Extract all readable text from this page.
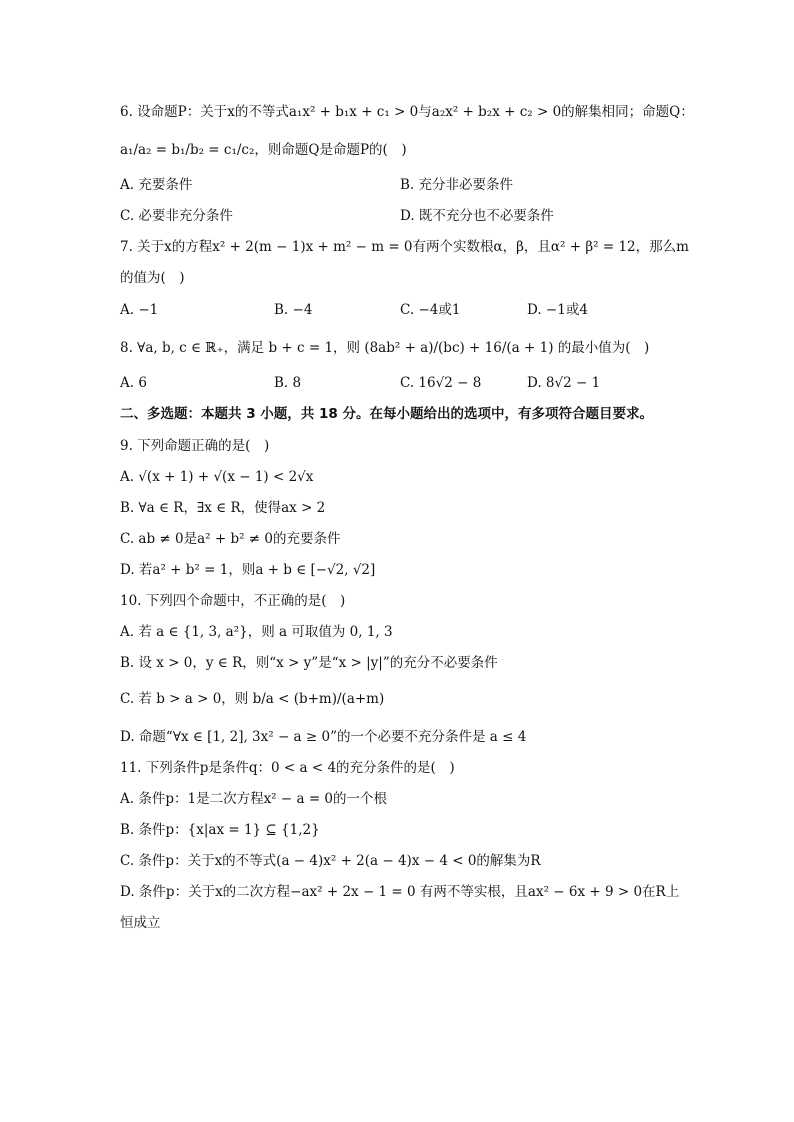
6. 设命题P：关于x的不等式a₁x² + b₁x + c₁ > 0与a₂x² + b₂x + c₂ > 0的解集相同；命题Q：
a₁/a₂ = b₁/b₂ = c₁/c₂，则命题Q是命题P的(　)
A. 充要条件	B. 充分非必要条件
C. 必要非充分条件	D. 既不充分也不必要条件
7. 关于x的方程x² + 2(m − 1)x + m² − m = 0有两个实数根α，β，且α² + β² = 12，那么m
的值为(　)
A. −1	B. −4	C. −4或1	D. −1或4
8. ∀a, b, c ∈ ℝ₊，满足 b + c = 1，则 (8ab² + a)/(bc) + 16/(a + 1) 的最小值为(　)
A. 6	B. 8	C. 16√2 − 8	D. 8√2 − 1
二、多选题：本题共 3 小题，共 18 分。在每小题给出的选项中，有多项符合题目要求。
9. 下列命题正确的是(　)
A. √(x + 1) + √(x − 1) < 2√x
B. ∀a ∈ R，∃x ∈ R，使得ax > 2
C. ab ≠ 0是a² + b² ≠ 0的充要条件
D. 若a² + b² = 1，则a + b ∈ [−√2, √2]
10. 下列四个命题中，不正确的是(　)
A. 若 a ∈ {1, 3, a²}，则 a 可取值为 0, 1, 3
B. 设 x > 0，y ∈ R，则“x > y”是“x > |y|”的充分不必要条件
C. 若 b > a > 0，则 b/a < (b+m)/(a+m)
D. 命题“∀x ∈ [1, 2], 3x² − a ≥ 0”的一个必要不充分条件是 a ≤ 4
11. 下列条件p是条件q：0 < a < 4的充分条件的是(　)
A. 条件p：1是二次方程x² − a = 0的一个根
B. 条件p：{x|ax = 1} ⊆ {1,2}
C. 条件p：关于x的不等式(a − 4)x² + 2(a − 4)x − 4 < 0的解集为R
D. 条件p：关于x的二次方程−ax² + 2x − 1 = 0 有两不等实根，且ax² − 6x + 9 > 0在R上
恒成立
